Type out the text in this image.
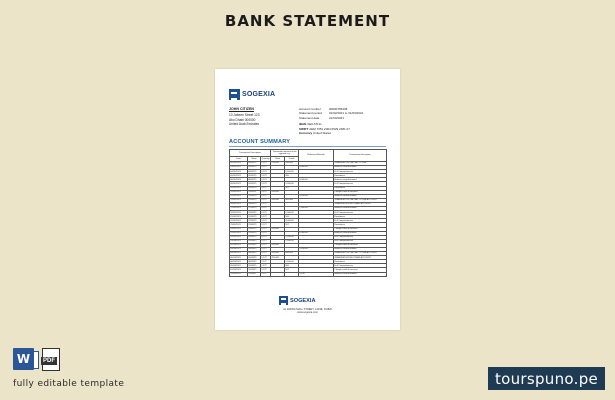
BANK STATEMENT
SOGEXIA
JOHN CITIZEN
10 Jabeen Street 123
Abu Dhabi 000000
United Arab Emirates
Account number	00000765438
Statement period	01/02/2021 to 31/03/2021
Statement date	21/04/2021
IBAN
AE0 ATL1L
SWIFT
AEM 7051 2004 6529 2481 07
Currency
United States
ACCOUNT SUMMARY
Transaction Description			Transaction amount in the opposite ccy		Reference/Remark	Transaction description
Date	Value	Quantity	Debit	Credit		
02/02/2021	08/02/21	1,172	750,000	760,000		TRANSFER OF CAPITAL TO THE
03/02/2021	03/02/21	1,172			8,000.00	Balance carried forward
04/02/2021	04/02/21	1,172		1,500.00		Full Comprehensive
05/02/2021	05/02/21	1,172		900		Remittance
08/02/2021	08/02/21	1,172			6,040.00	Balance carried forward
09/02/2021	09/02/21	1,172		3,000.00		Full Comprehensive
10/02/2021	10/02/21	1,172		167		Remittance
11/02/2021	11/02/21	1,172	760,000			Cheque credit to account
12/02/2021	12/02/21	1,172			5,100.00	Balance carried forward
15/02/2021	15/02/21	1,172	760,000	900,000		TRANSFER OF CAPITAL TO THE ACCOUNT
16/02/2021	16/02/21	1,172				TRANSFER FROM OTHER ACCOUNT
17/02/2021	17/02/21	1,172			7,000.00	Balance carried forward
18/02/2021	18/02/21	1,172		1,000.00		Full Comprehensive
19/02/2021	19/02/21	1,172		900		Remittance
22/02/2021	22/02/21	1,172		3,000.00		Full Comprehensive
23/02/2021	23/02/21	1,172		167		Remittance
24/02/2021	24/02/21	1,172	760,000			Cheque credit to account
25/02/2021	25/02/21	1,172			6,040.00	Balance carried forward
26/02/2021	26/02/21	1,172		1,500.00		Full Comprehensive
01/03/2021	01/03/21	1,172		1,000.00		Full Comprehensive
02/03/2021	02/03/21	1,172	760,000			Cheque credit to account
03/03/2021	03/03/21	1,172			5,100.00	Balance carried forward
04/03/2021	04/03/21	1,172	760,000	900,000		TRANSFER OF CAPITAL TO THE ACCOUNT
05/03/2021	05/03/21	1,172	760,000			TRANSFER FROM OTHER ACCOUNT
08/03/2021	08/03/21	1,172		1,500.00		Remittance
09/03/2021	09/03/21	1,172		900		Full Comprehensive
10/03/2021	10/03/21	1,172		167		Cheque credit to account
11/03/2021	11/03/21	1,172			5,100	Balance carried forward
SOGEXIA
AL DAFRA MALL STREET, 1234E, DUBAI
www.sogexia.com
W	PDF
fully editable template	tourspuno.pe
